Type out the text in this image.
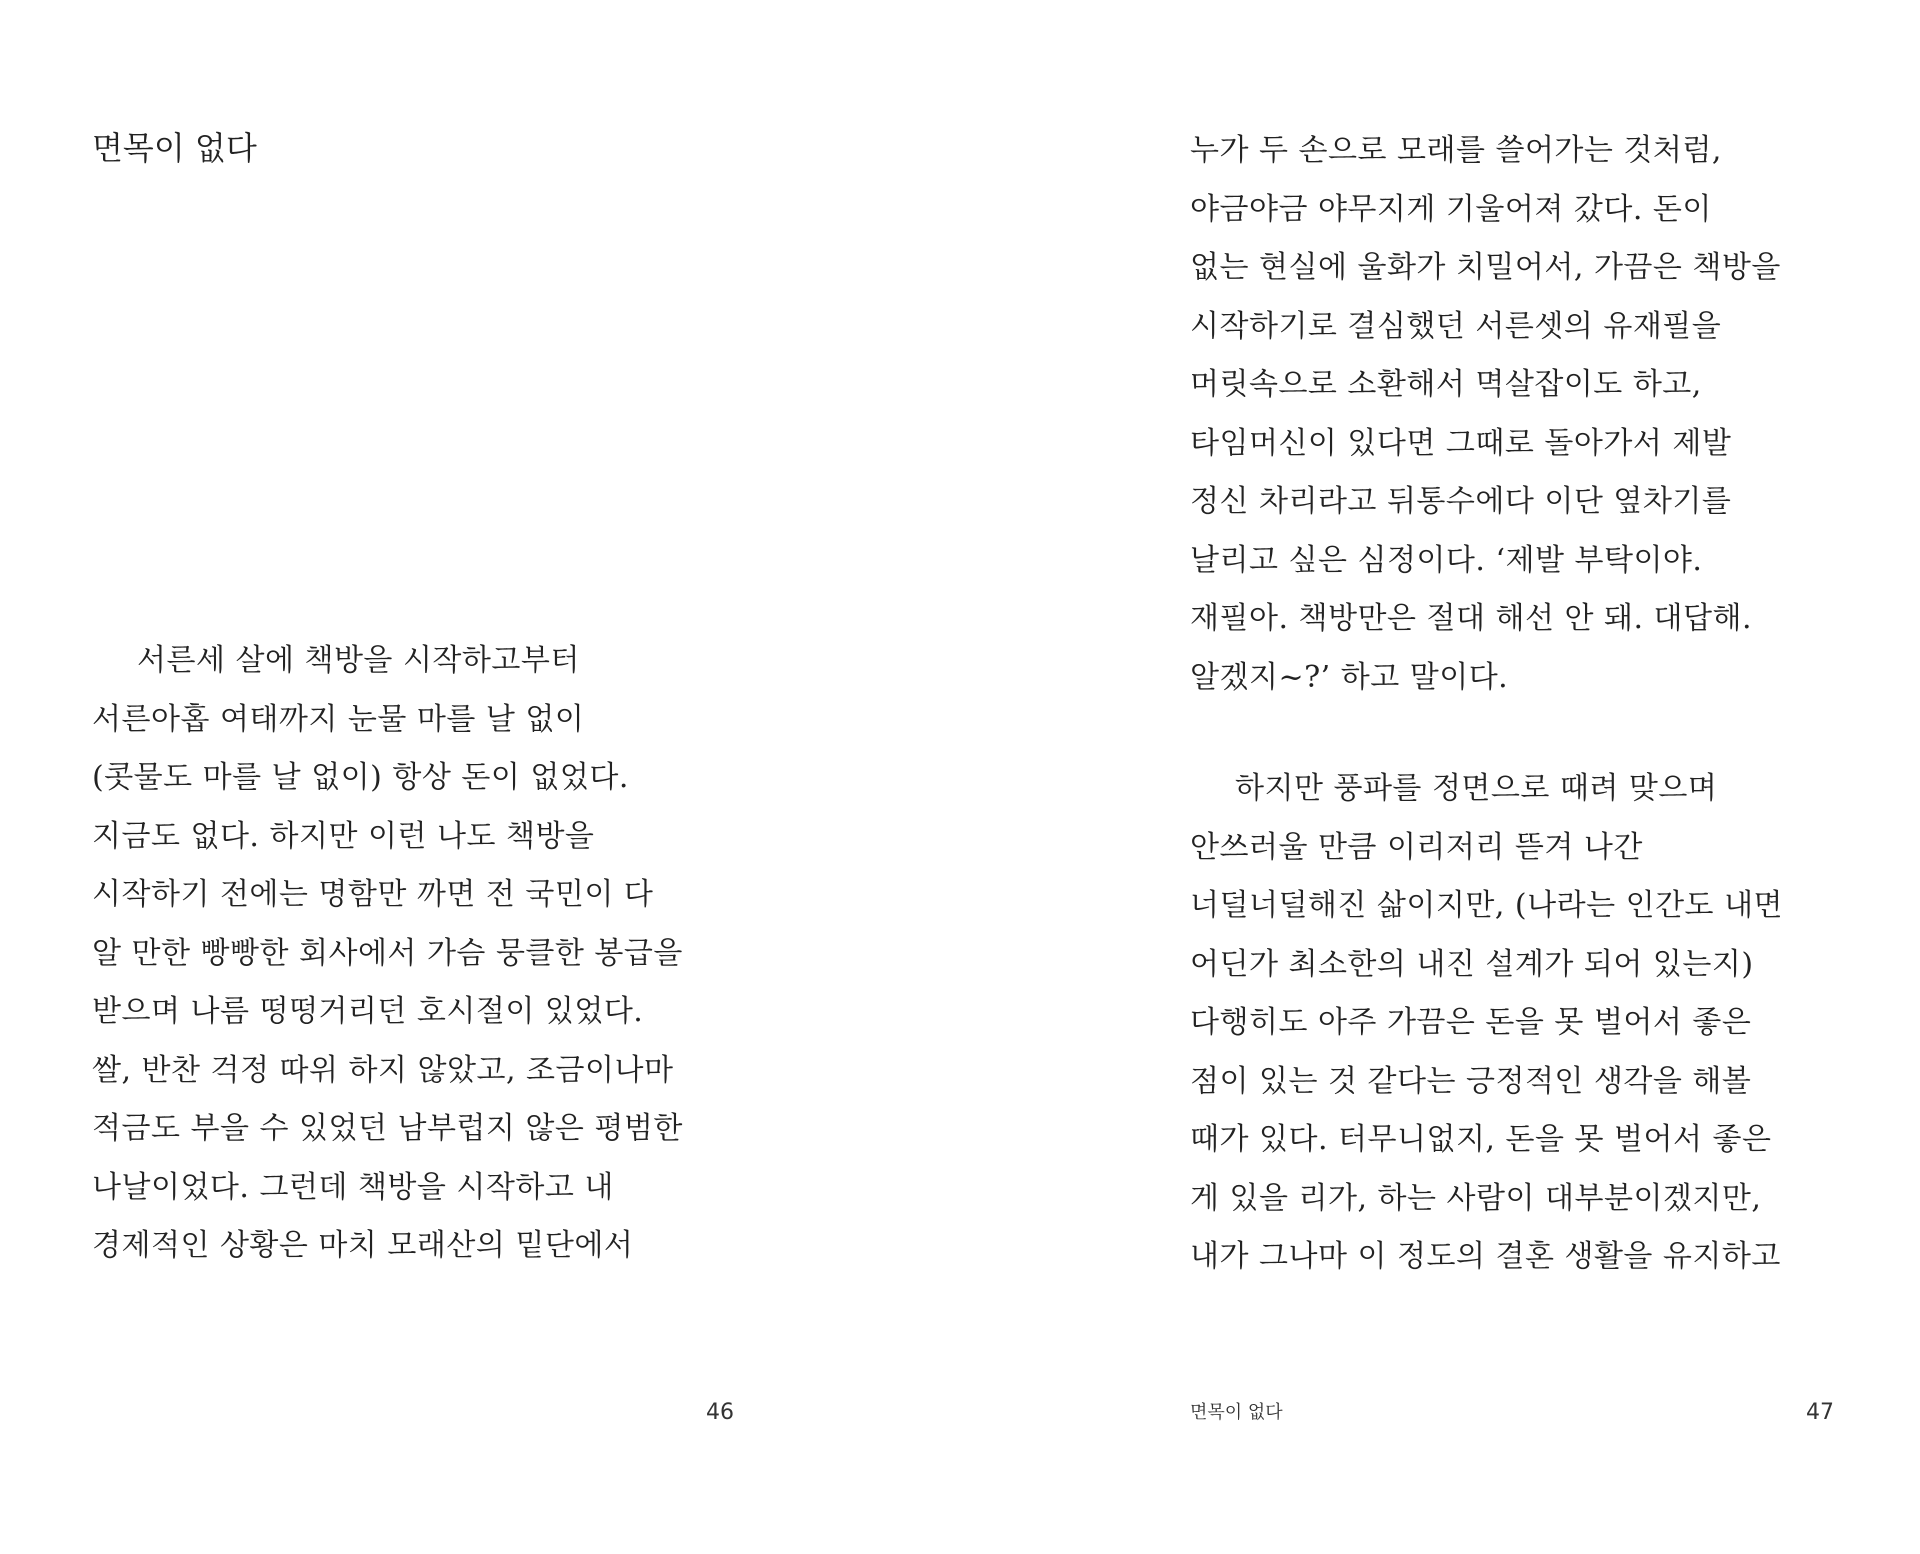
면목이 없다
서른세 살에 책방을 시작하고부터
서른아홉 여태까지 눈물 마를 날 없이
(콧물도 마를 날 없이) 항상 돈이 없었다.
지금도 없다. 하지만 이런 나도 책방을
시작하기 전에는 명함만 까면 전 국민이 다
알 만한 빵빵한 회사에서 가슴 뭉클한 봉급을
받으며 나름 떵떵거리던 호시절이 있었다.
쌀, 반찬 걱정 따위 하지 않았고, 조금이나마
적금도 부을 수 있었던 남부럽지 않은 평범한
나날이었다. 그런데 책방을 시작하고 내
경제적인 상황은 마치 모래산의 밑단에서
46
누가 두 손으로 모래를 쓸어가는 것처럼,
야금야금 야무지게 기울어져 갔다. 돈이
없는 현실에 울화가 치밀어서, 가끔은 책방을
시작하기로 결심했던 서른셋의 유재필을
머릿속으로 소환해서 멱살잡이도 하고,
타임머신이 있다면 그때로 돌아가서 제발
정신 차리라고 뒤통수에다 이단 옆차기를
날리고 싶은 심정이다. ‘제발 부탁이야.
재필아. 책방만은 절대 해선 안 돼. 대답해.
알겠지~?’ 하고 말이다.
하지만 풍파를 정면으로 때려 맞으며
안쓰러울 만큼 이리저리 뜯겨 나간
너덜너덜해진 삶이지만, (나라는 인간도 내면
어딘가 최소한의 내진 설계가 되어 있는지)
다행히도 아주 가끔은 돈을 못 벌어서 좋은
점이 있는 것 같다는 긍정적인 생각을 해볼
때가 있다. 터무니없지, 돈을 못 벌어서 좋은
게 있을 리가, 하는 사람이 대부분이겠지만,
내가 그나마 이 정도의 결혼 생활을 유지하고
면목이 없다	47
